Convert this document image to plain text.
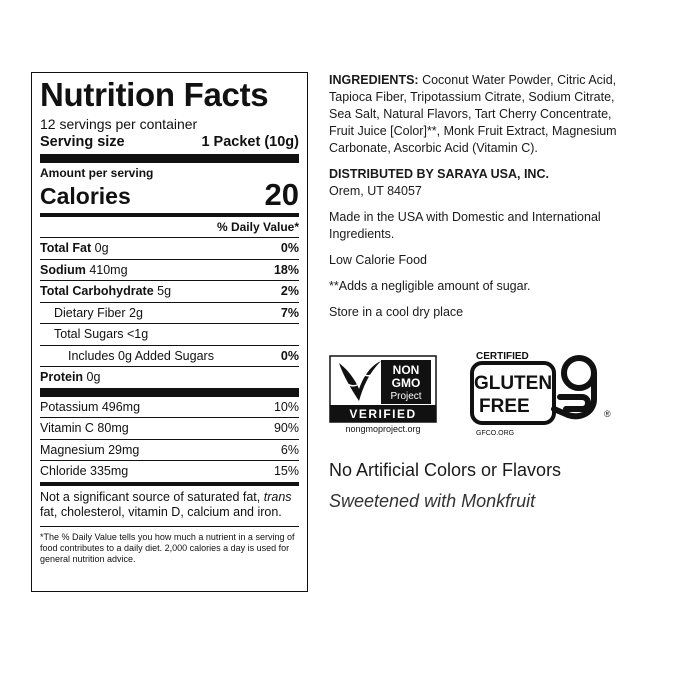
Nutrition Facts
12 servings per container
Serving size	1 Packet (10g)
Amount per serving
Calories	20
% Daily Value*
Total Fat 0g	0%
Sodium 410mg	18%
Total Carbohydrate 5g	2%
Dietary Fiber 2g	7%
Total Sugars <1g
Includes 0g Added Sugars	0%
Protein 0g
Potassium 496mg	10%
Vitamin C 80mg	90%
Magnesium 29mg	6%
Chloride 335mg	15%
Not a significant source of saturated fat, trans fat, cholesterol, vitamin D, calcium and iron.
*The % Daily Value tells you how much a nutrient in a serving of food contributes to a daily diet. 2,000 calories a day is used for general nutrition advice.

INGREDIENTS: Coconut Water Powder, Citric Acid, Tapioca Fiber, Tripotassium Citrate, Sodium Citrate, Sea Salt, Natural Flavors, Tart Cherry Concentrate, Fruit Juice [Color]**, Monk Fruit Extract, Magnesium Carbonate, Ascorbic Acid (Vitamin C).

DISTRIBUTED BY SARAYA USA, INC.

Orem, UT 84057

Made in the USA with Domestic and International Ingredients.

Low Calorie Food

**Adds a negligible amount of sugar.

Store in a cool dry place

NON
GMO
Project
VERIFIED
nongmoproject.org
CERTIFIED
GLUTEN
FREE	®
GFCO.ORG
No Artificial Colors or Flavors
Sweetened with Monkfruit
